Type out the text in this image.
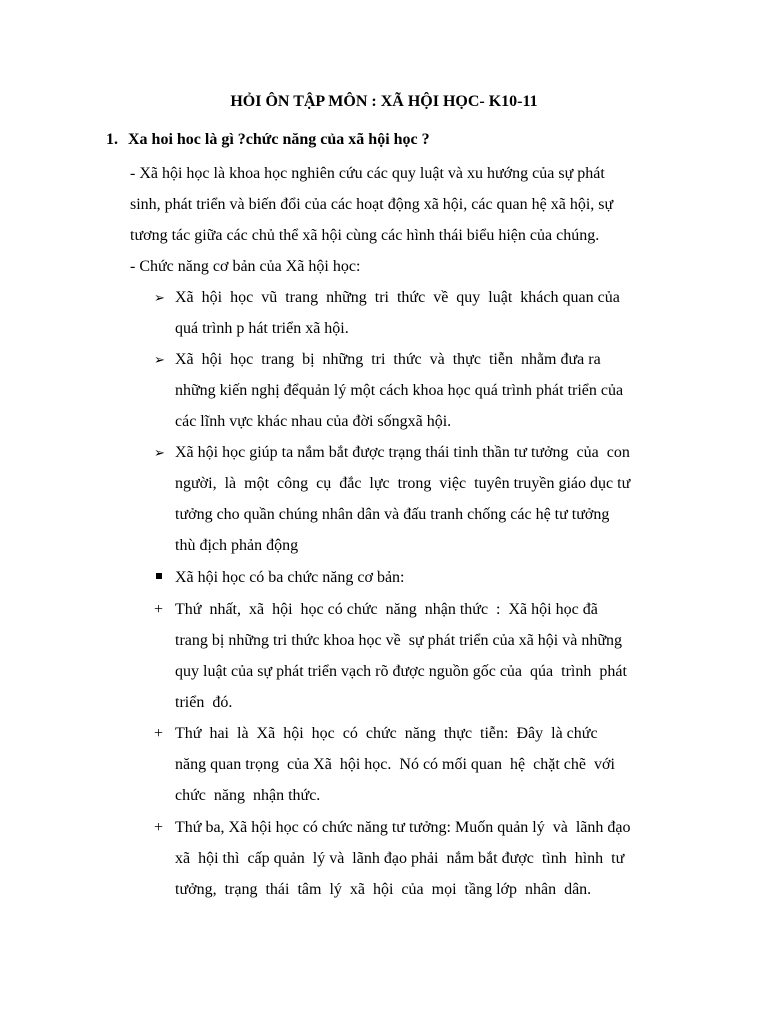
HỎI ÔN TẬP MÔN : XÃ HỘI HỌC- K10-11
1. Xa hoi hoc là gì ?chức năng của xã hội học ?
- Xã hội học là khoa học nghiên cứu các quy luật và xu hướng của sự phát
sinh, phát triển và biến đổi của các hoạt động xã hội, các quan hệ xã hội, sự
tương tác giữa các chủ thể xã hội cùng các hình thái biểu hiện của chúng.
- Chức năng cơ bản của Xã hội học:
➢ Xã  hội  học  vũ  trang  những  tri  thức  về  quy  luật  khách quan của
quá trình p hát triển xã hội.
➢ Xã  hội  học  trang  bị  những  tri  thức  và  thực  tiễn  nhằm đưa ra
những kiến nghị đểquản lý một cách khoa học quá trình phát triển của
các lĩnh vực khác nhau của đời sốngxã hội.
➢ Xã hội học giúp ta nắm bắt được trạng thái tinh thần tư tưởng  của  con
người,  là  một  công  cụ  đắc  lực  trong  việc  tuyên truyền giáo dục tư
tưởng cho quần chúng nhân dân và đấu tranh chống các hệ tư tưởng
thù địch phản động
Xã hội học có ba chức năng cơ bản:
+ Thứ  nhất,  xã  hội  học có chức  năng  nhận thức  :  Xã hội học đã
trang bị những tri thức khoa học về  sự phát triển của xã hội và những
quy luật của sự phát triển vạch rõ được nguồn gốc của  qúa  trình  phát
triển  đó.
+ Thứ  hai  là  Xã  hội  học  có  chức  năng  thực  tiễn:  Đây  là chức
năng quan trọng  của Xã  hội học.  Nó có mối quan  hệ  chặt chẽ  với
chức  năng  nhận thức.
+ Thứ ba, Xã hội học có chức năng tư tưởng: Muốn quản lý  và  lãnh đạo
xã  hội thì  cấp quản  lý và  lãnh đạo phải  nắm bắt được  tình  hình  tư
tưởng,  trạng  thái  tâm  lý  xã  hội  của  mọi  tầng lớp  nhân  dân.
